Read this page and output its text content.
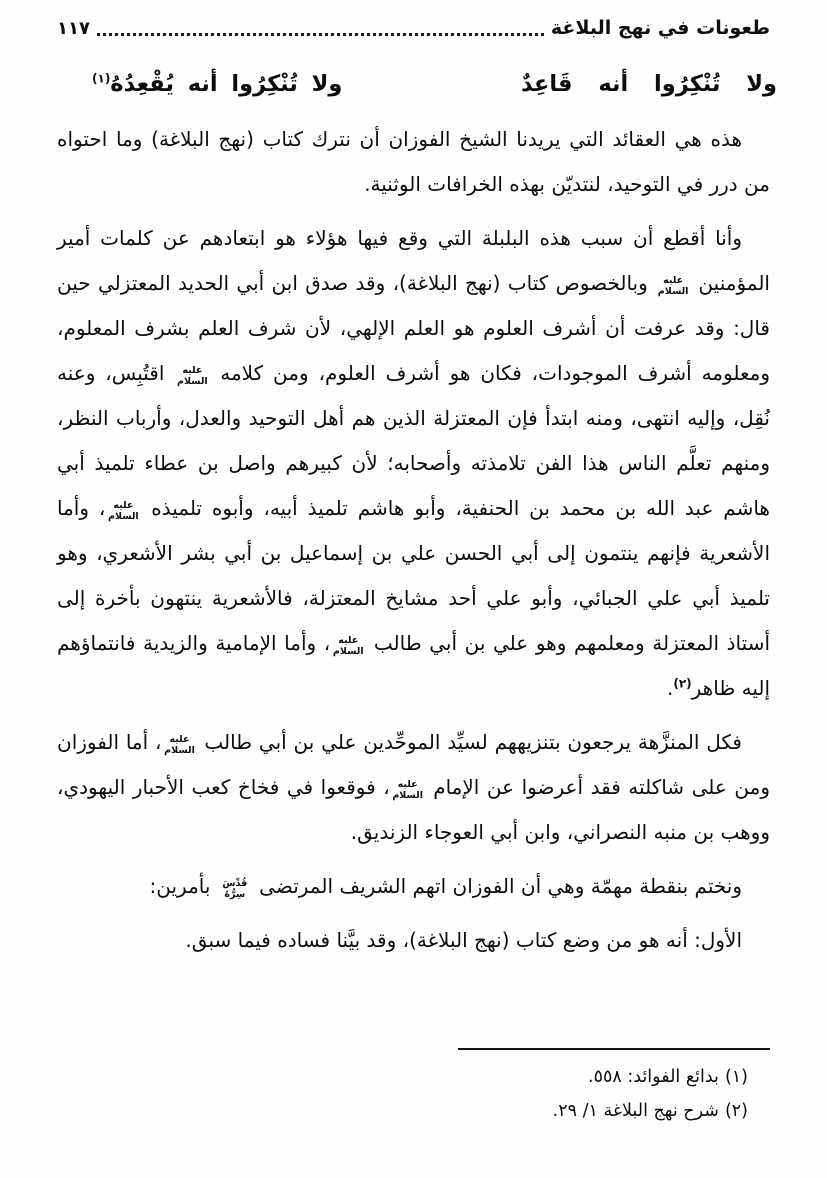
طعونات في نهج البلاغة
١١٧
ولا تُنْكِرُوا أنه قَاعِدٌ
ولا تُنْكِرُوا أنه يُقْعِدُهُ$^{(١)}$

هذه هي العقائد التي يريدنا الشيخ الفوزان أن نترك كتاب (نهج البلاغة) وما احتواه من درر في التوحيد، لنتديّن بهذه الخرافات الوثنية.

وأنا أقطع أن سبب هذه البلبلة التي وقع فيها هؤلاء هو ابتعادهم عن كلمات أمير المؤمنين عليه السلام وبالخصوص كتاب (نهج البلاغة)، وقد صدق ابن أبي الحديد المعتزلي حين قال: وقد عرفت أن أشرف العلوم هو العلم الإلهي، لأن شرف العلم بشرف المعلوم، ومعلومه أشرف الموجودات، فكان هو أشرف العلوم، ومن كلامه عليه السلام اقتُبِس، وعنه نُقِل، وإليه انتهى، ومنه ابتدأ فإن المعتزلة الذين هم أهل التوحيد والعدل، وأرباب النظر، ومنهم تعلَّم الناس هذا الفن تلامذته وأصحابه؛ لأن كبيرهم واصل بن عطاء تلميذ أبي هاشم عبد الله بن محمد بن الحنفية، وأبو هاشم تلميذ أبيه، وأبوه تلميذه عليه السلام، وأما الأشعرية فإنهم ينتمون إلى أبي الحسن علي بن إسماعيل بن أبي بشر الأشعري، وهو تلميذ أبي علي الجبائي، وأبو علي أحد مشايخ المعتزلة، فالأشعرية ينتهون بأخرة إلى أستاذ المعتزلة ومعلمهم وهو علي بن أبي طالب عليه السلام، وأما الإمامية والزيدية فانتماؤهم إليه ظاهر$^{(٢)}$.

فكل المنزَّهة يرجعون بتنزيههم لسيِّد الموحِّدين علي بن أبي طالب عليه السلام، أما الفوزان ومن على شاكلته فقد أعرضوا عن الإمام عليه السلام، فوقعوا في فخاخ كعب الأحبار اليهودي، ووهب بن منبه النصراني، وابن أبي العوجاء الزنديق.

ونختم بنقطة مهمّة وهي أن الفوزان اتهم الشريف المرتضى قُدِّسَ سِرُّهُ بأمرين:

الأول: أنه هو من وضع كتاب (نهج البلاغة)، وقد بيَّنا فساده فيما سبق.

(١)بدائع الفوائد: ٥٥٨.
(٢)شرح نهج البلاغة ١/ ٢٩.
